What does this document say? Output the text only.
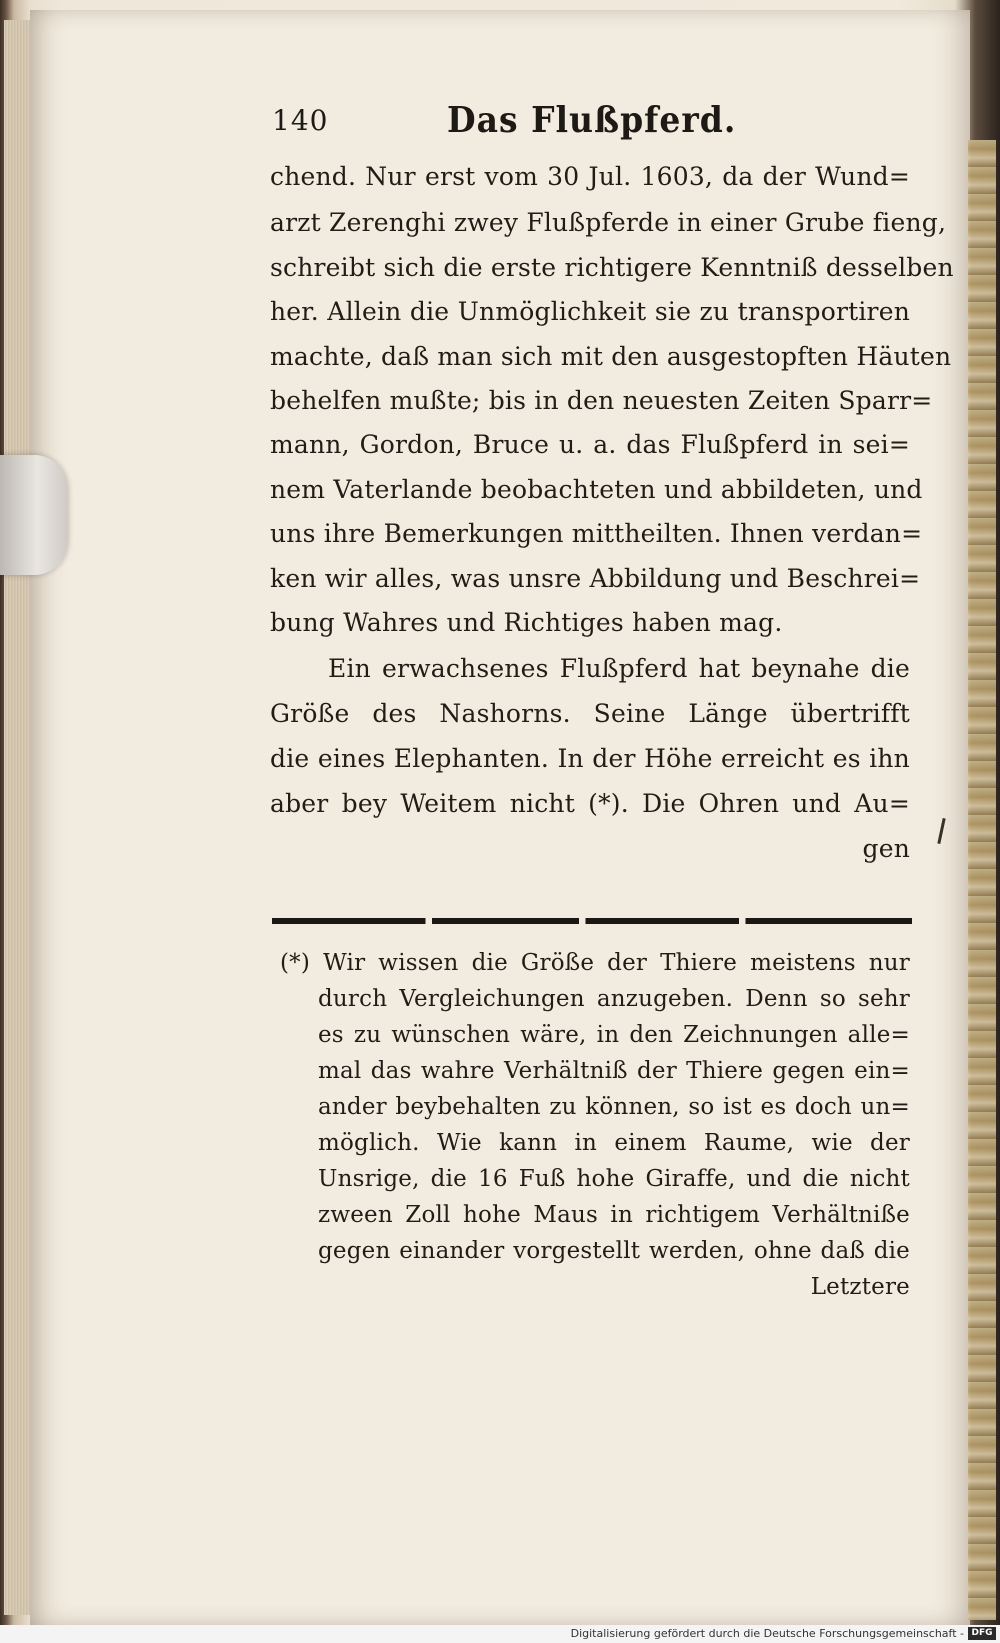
140	Das Flußpferd.
chend. Nur erst vom 30 Jul. 1603, da der Wund=
arzt Zerenghi zwey Flußpferde in einer Grube fieng,
schreibt sich die erste richtigere Kenntniß desselben
her. Allein die Unmöglichkeit sie zu transportiren
machte, daß man sich mit den ausgestopften Häuten
behelfen mußte; bis in den neuesten Zeiten Sparr=
mann, Gordon, Bruce u. a. das Flußpferd in sei=
nem Vaterlande beobachteten und abbildeten, und
uns ihre Bemerkungen mittheilten. Ihnen verdan=
ken wir alles, was unsre Abbildung und Beschrei=
bung Wahres und Richtiges haben mag.
Ein erwachsenes Flußpferd hat beynahe die
Größe des Nashorns. Seine Länge übertrifft
die eines Elephanten. In der Höhe erreicht es ihn
aber bey Weitem nicht (*). Die Ohren und Au=
gen
(*) Wir wissen die Größe der Thiere meistens nur
durch Vergleichungen anzugeben. Denn so sehr
es zu wünschen wäre, in den Zeichnungen alle=
mal das wahre Verhältniß der Thiere gegen ein=
ander beybehalten zu können, so ist es doch un=
möglich. Wie kann in einem Raume, wie der
Unsrige, die 16 Fuß hohe Giraffe, und die nicht
zween Zoll hohe Maus in richtigem Verhältniße
gegen einander vorgestellt werden, ohne daß die
Letztere
Digitalisierung gefördert durch die Deutsche Forschungsgemeinschaft - DFG
